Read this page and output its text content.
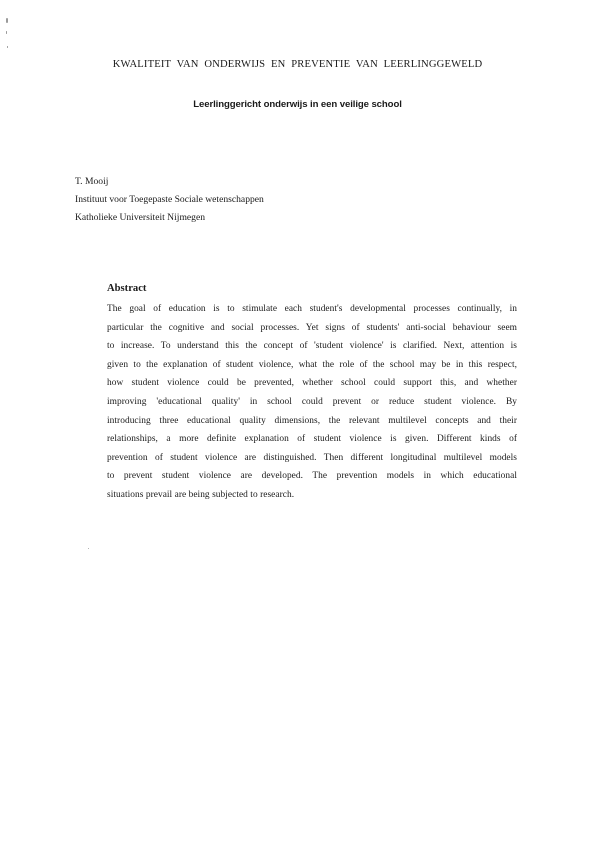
KWALITEIT VAN ONDERWIJS EN PREVENTIE VAN LEERLINGGEWELD
Leerlinggericht onderwijs in een veilige school
T. Mooij
Instituut voor Toegepaste Sociale wetenschappen
Katholieke Universiteit Nijmegen
Abstract
The goal of education is to stimulate each student's developmental processes continually, in
particular the cognitive and social processes. Yet signs of students' anti-social behaviour seem
to increase. To understand this the concept of 'student violence' is clarified. Next, attention is
given to the explanation of student violence, what the role of the school may be in this respect,
how student violence could be prevented, whether school could support this, and whether
improving 'educational quality' in school could prevent or reduce student violence. By
introducing three educational quality dimensions, the relevant multilevel concepts and their
relationships, a more definite explanation of student violence is given. Different kinds of
prevention of student violence are distinguished. Then different longitudinal multilevel models
to prevent student violence are developed. The prevention models in which educational
situations prevail are being subjected to research.
